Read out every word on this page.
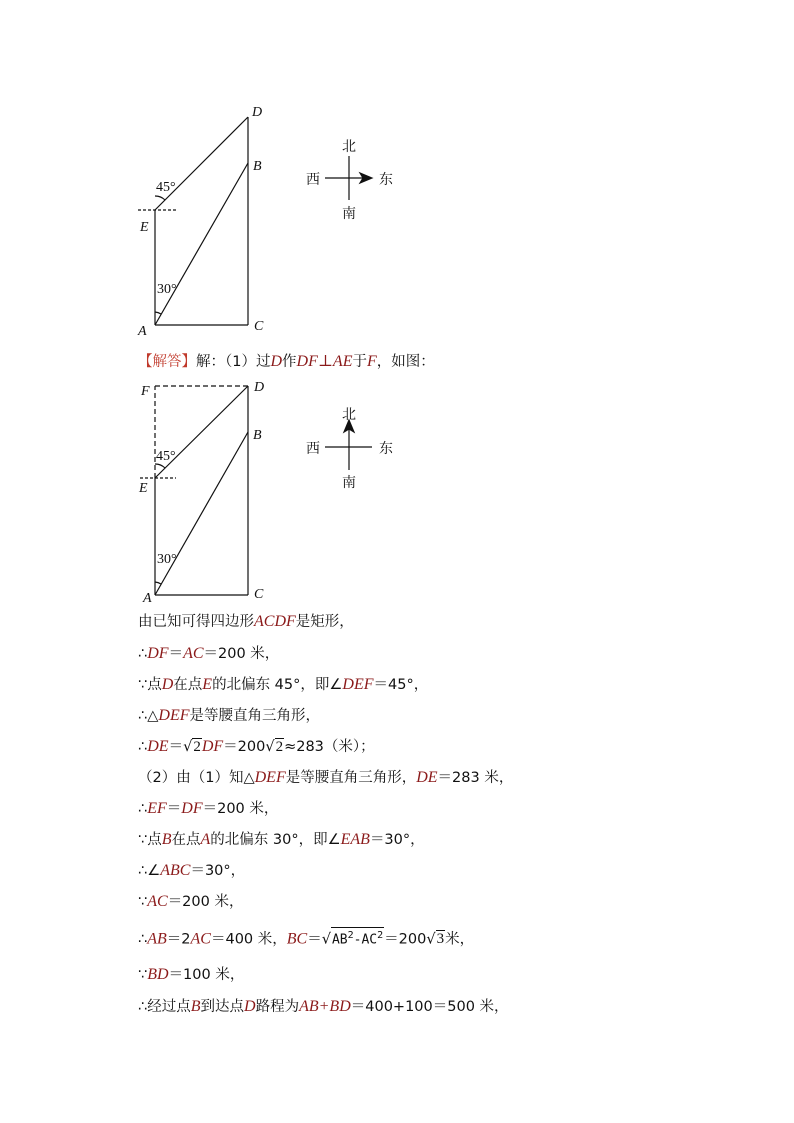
D
B
E
A	C
45°
30°
北
西	东
南
F	D
B
E
A	C
45°
30°
北
西	东
南
【解答】解：（1）过D作DF⊥AE于F，如图：
由已知可得四边形ACDF是矩形，
∴DF＝AC＝200 米，
∵点D在点E的北偏东 45°，即∠DEF＝45°，
∴△DEF是等腰直角三角形，
∴DE＝√2DF＝200√2≈283（米）；
（2）由（1）知△DEF是等腰直角三角形，DE＝283 米，
∴EF＝DF＝200 米，
∵点B在点A的北偏东 30°，即∠EAB＝30°，
∴∠ABC＝30°，
∵AC＝200 米，
∴AB＝2AC＝400 米，$BC=√AB^2-AC^2=200√3$米，
∵BD＝100 米，
∴经过点B到达点D路程为AB+BD＝400+100＝500 米，
